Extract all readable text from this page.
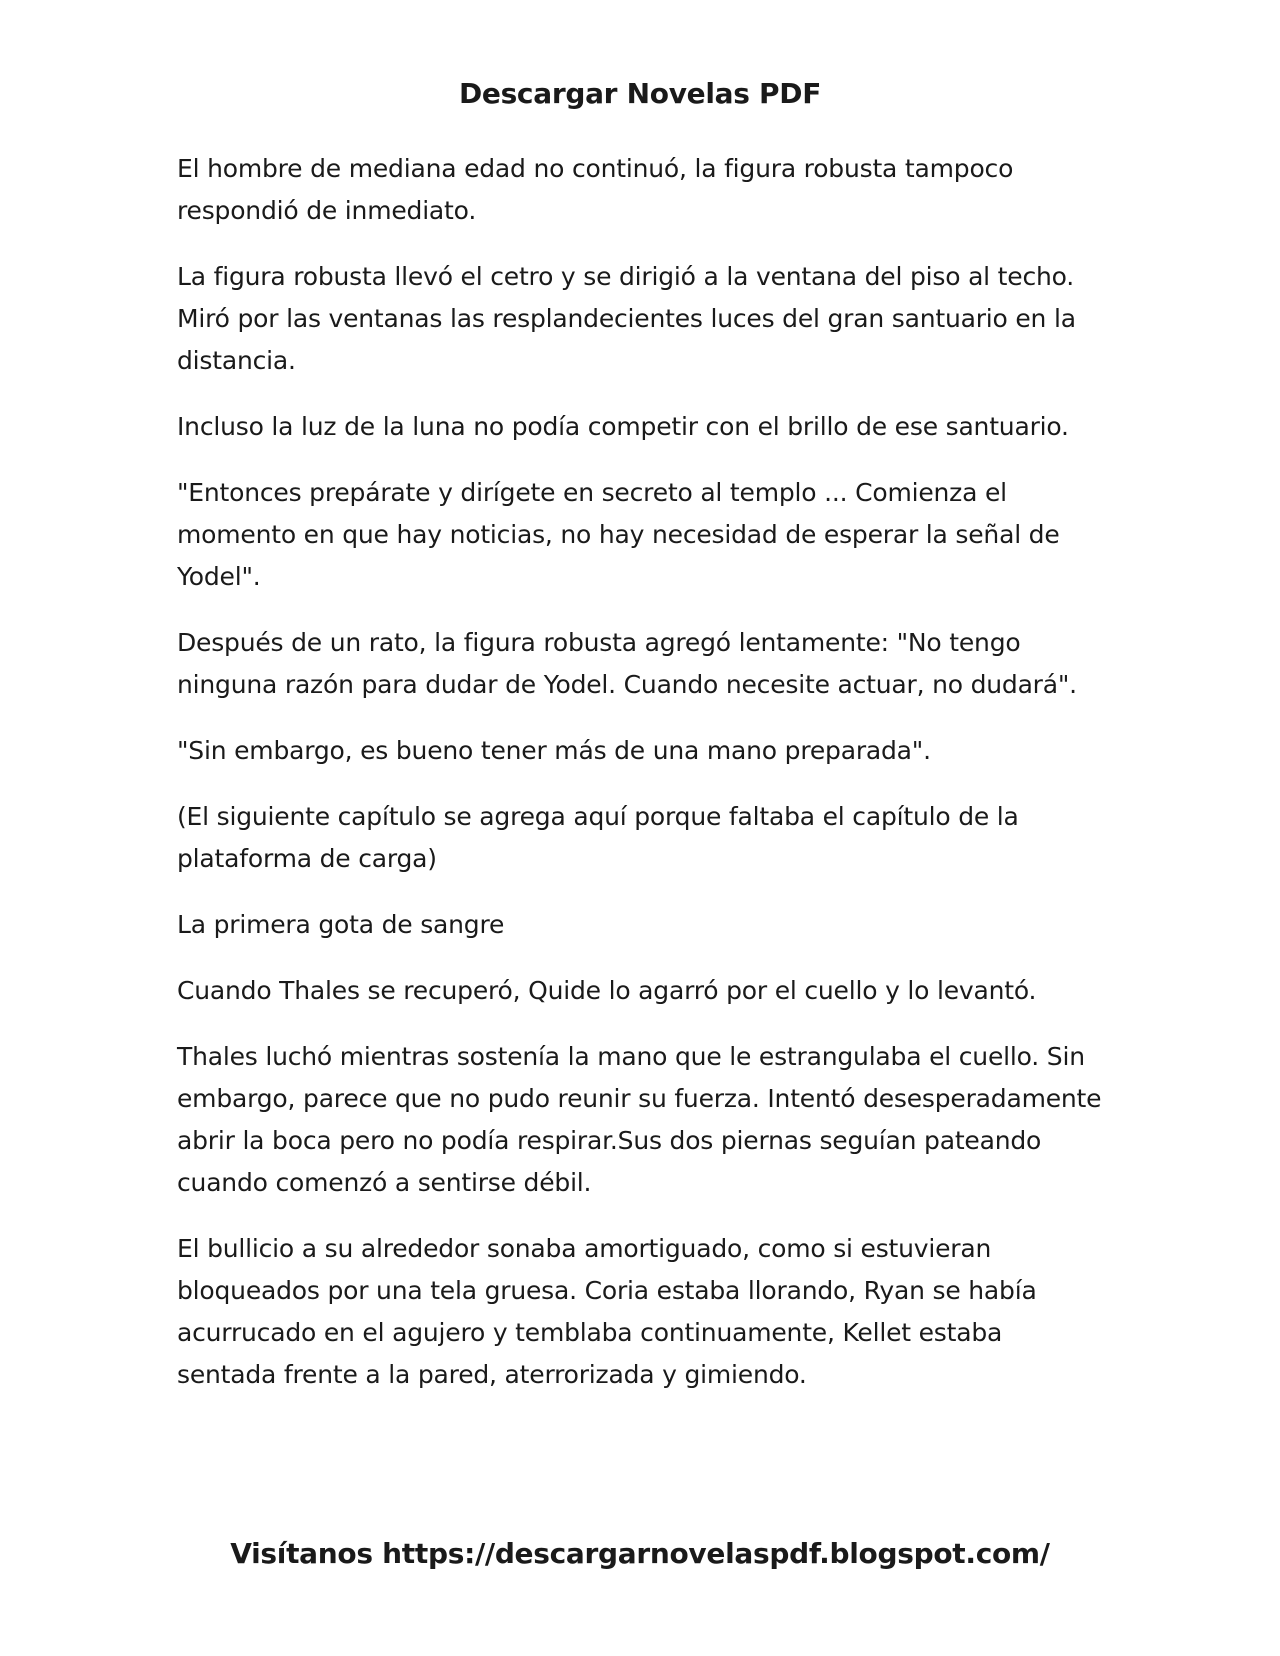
Descargar Novelas PDF

El hombre de mediana edad no continuó, la figura robusta tampoco respondió de inmediato.

La figura robusta llevó el cetro y se dirigió a la ventana del piso al techo. Miró por las ventanas las resplandecientes luces del gran santuario en la distancia.

Incluso la luz de la luna no podía competir con el brillo de ese santuario.

"Entonces prepárate y dirígete en secreto al templo ... Comienza el momento en que hay noticias, no hay necesidad de esperar la señal de Yodel".

Después de un rato, la figura robusta agregó lentamente: "No tengo ninguna razón para dudar de Yodel. Cuando necesite actuar, no dudará".

"Sin embargo, es bueno tener más de una mano preparada".

(El siguiente capítulo se agrega aquí porque faltaba el capítulo de la plataforma de carga)

La primera gota de sangre

Cuando Thales se recuperó, Quide lo agarró por el cuello y lo levantó.

Thales luchó mientras sostenía la mano que le estrangulaba el cuello. Sin embargo, parece que no pudo reunir su fuerza. Intentó desesperadamente abrir la boca pero no podía respirar.Sus dos piernas seguían pateando cuando comenzó a sentirse débil.

El bullicio a su alrededor sonaba amortiguado, como si estuvieran bloqueados por una tela gruesa. Coria estaba llorando, Ryan se había acurrucado en el agujero y temblaba continuamente, Kellet estaba sentada frente a la pared, aterrorizada y gimiendo.

Visítanos https://descargarnovelaspdf.blogspot.com/
